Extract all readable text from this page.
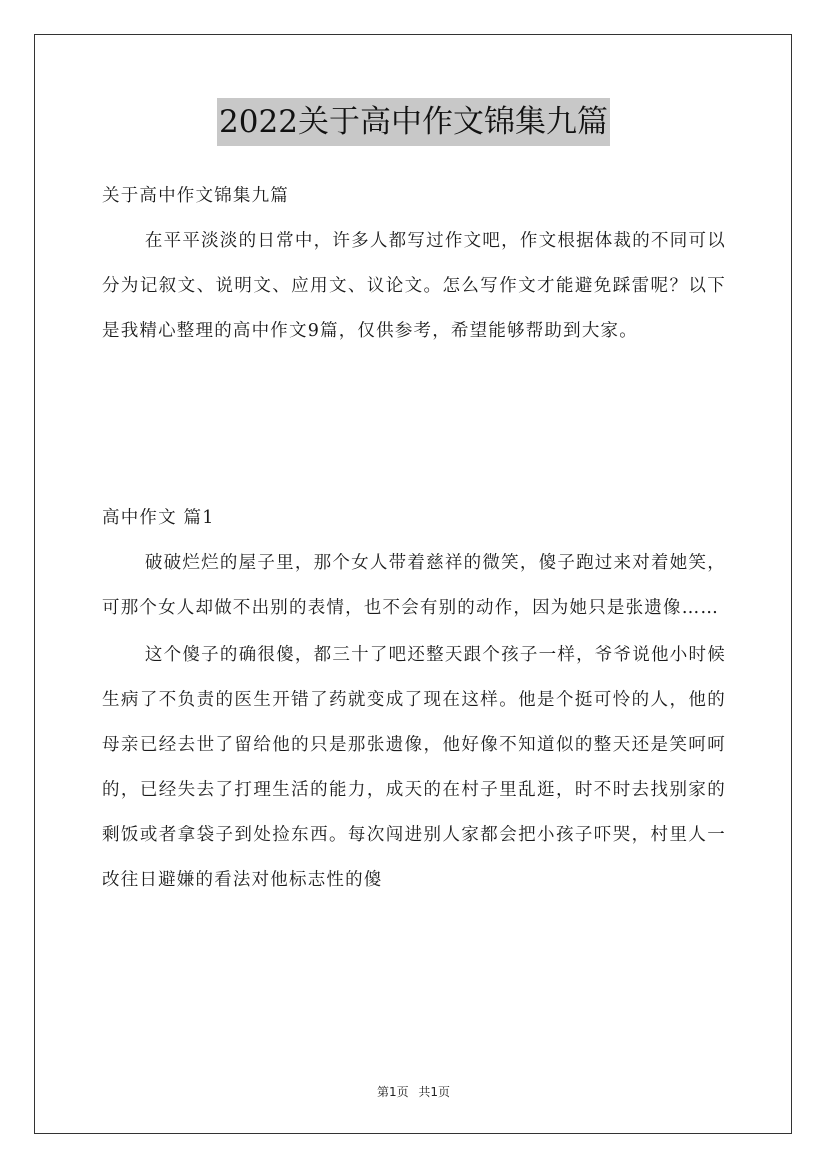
2022关于高中作文锦集九篇

关于高中作文锦集九篇

在平平淡淡的日常中，许多人都写过作文吧，作文根据体裁的不同可以分为记叙文、说明文、应用文、议论文。怎么写作文才能避免踩雷呢？以下是我精心整理的高中作文9篇，仅供参考，希望能够帮助到大家。

高中作文 篇1

破破烂烂的屋子里，那个女人带着慈祥的微笑，傻子跑过来对着她笑，可那个女人却做不出别的表情，也不会有别的动作，因为她只是张遗像……

这个傻子的确很傻，都三十了吧还整天跟个孩子一样，爷爷说他小时候生病了不负责的医生开错了药就变成了现在这样。他是个挺可怜的人，他的母亲已经去世了留给他的只是那张遗像，他好像不知道似的整天还是笑呵呵的，已经失去了打理生活的能力，成天的在村子里乱逛，时不时去找别家的剩饭或者拿袋子到处捡东西。每次闯进别人家都会把小孩子吓哭，村里人一改往日避嫌的看法对他标志性的傻

第1页 共1页
